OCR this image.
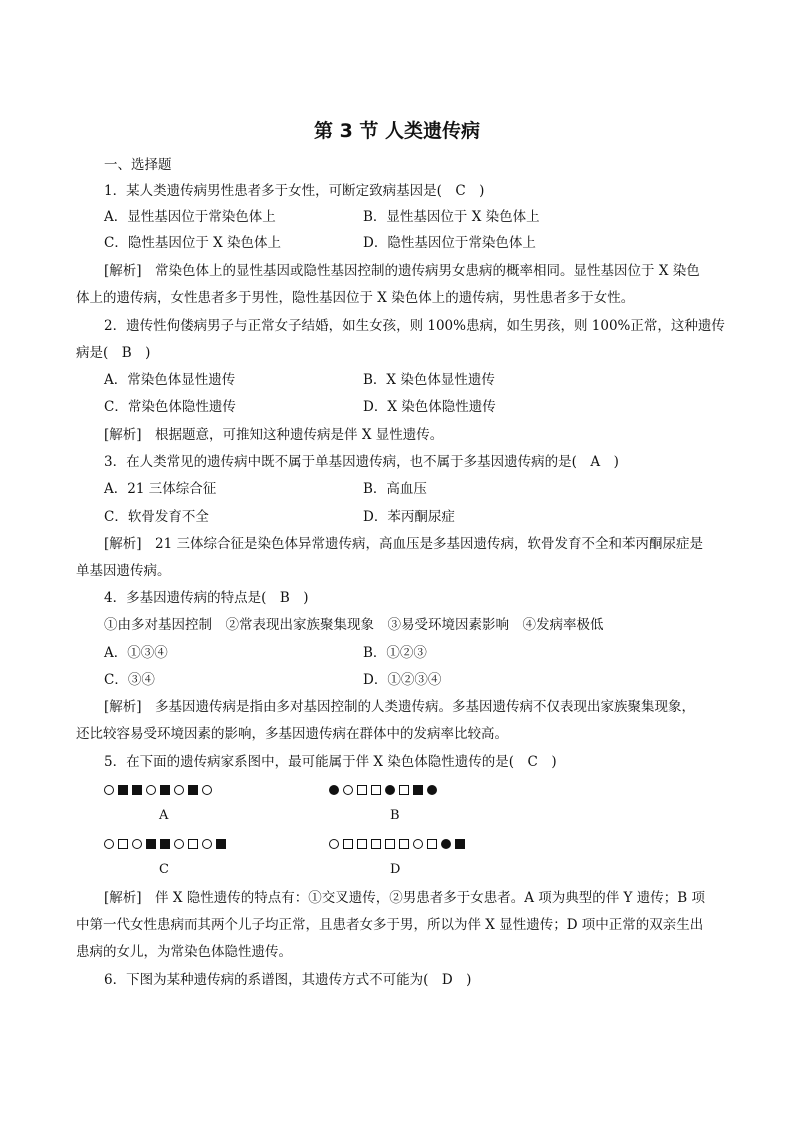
第 3 节 人类遗传病
一、选择题
1．某人类遗传病男性患者多于女性，可断定致病基因是(　C　)
A．显性基因位于常染色体上	B．显性基因位于 X 染色体上
C．隐性基因位于 X 染色体上	D．隐性基因位于常染色体上
[解析]　常染色体上的显性基因或隐性基因控制的遗传病男女患病的概率相同。显性基因位于 X 染色
体上的遗传病，女性患者多于男性，隐性基因位于 X 染色体上的遗传病，男性患者多于女性。
2．遗传性佝偻病男子与正常女子结婚，如生女孩，则 100%患病，如生男孩，则 100%正常，这种遗传
病是(　B　)
A．常染色体显性遗传	B．X 染色体显性遗传
C．常染色体隐性遗传	D．X 染色体隐性遗传
[解析]　根据题意，可推知这种遗传病是伴 X 显性遗传。
3．在人类常见的遗传病中既不属于单基因遗传病，也不属于多基因遗传病的是(　A　)
A．21 三体综合征	B．高血压
C．软骨发育不全	D．苯丙酮尿症
[解析]　21 三体综合征是染色体异常遗传病，高血压是多基因遗传病，软骨发育不全和苯丙酮尿症是
单基因遗传病。
4．多基因遗传病的特点是(　B　)
①由多对基因控制　②常表现出家族聚集现象　③易受环境因素影响　④发病率极低
A．①③④	B．①②③
C．③④	D．①②③④
[解析]　多基因遗传病是指由多对基因控制的人类遗传病。多基因遗传病不仅表现出家族聚集现象，
还比较容易受环境因素的影响，多基因遗传病在群体中的发病率比较高。
5．在下面的遗传病家系图中，最可能属于伴 X 染色体隐性遗传的是(　C　)
A	B
C	D
[解析]　伴 X 隐性遗传的特点有：①交叉遗传，②男患者多于女患者。A 项为典型的伴 Y 遗传；B 项
中第一代女性患病而其两个儿子均正常，且患者女多于男，所以为伴 X 显性遗传；D 项中正常的双亲生出
患病的女儿，为常染色体隐性遗传。
6．下图为某种遗传病的系谱图，其遗传方式不可能为(　D　)
